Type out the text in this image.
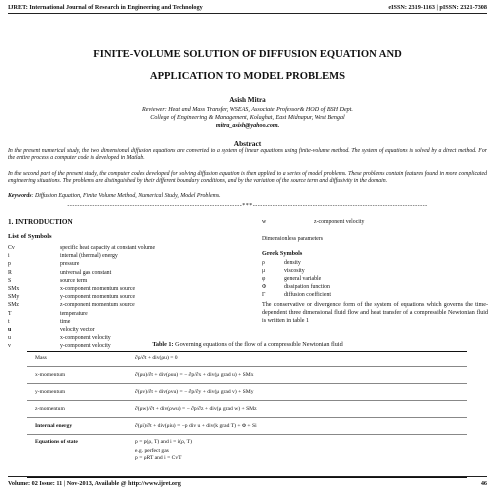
IJRET: International Journal of Research in Engineering and Technology	eISSN: 2319-1163 | pISSN: 2321-7308
FINITE-VOLUME SOLUTION OF DIFFUSION EQUATION AND
APPLICATION TO MODEL PROBLEMS
Asish Mitra
Reviewer: Heat and Mass Transfer, WSEAS, Associate Professor& HOD of BSH Dept.
College of Engineering & Management, Kolaghat, East Midnapur, West Bengal
mitra_asish@yahoo.com.
Abstract
In the present numerical study, the two dimensional diffusion equations are converted to a system of linear equations using finite-volume method. The system of equations is solved by a direct method. For the entire process a computer code is developed in Matlab.
In the second part of the present study, the computer codes developed for solving diffusion equation is then applied to a series of model problems. These problems contain features found in more complicated engineering situations. The problems are distinguished by their different boundary conditions, and by the variation of the source term and diffusivity in the domain.
Keywords: Diffusion Equation, Finite Volume Method, Numerical Study, Model Problems.
----------------------------------------------------------------------***----------------------------------------------------------------------
1. INTRODUCTION
List of Symbols
Cv	specific heat capacity at constant volume
i	internal (thermal) energy
p	pressure
R	universal gas constant
S	source term
SMx	x-component momentum source
SMy	y-component momentum source
SMz	z-component momentum source
T	temperature
t	time
u	velocity vector
u	x-component velocity
v	y-component velocity
w	z-component velocity
Dimensionless parameters
Greek Symbols
ρ	density
μ	viscosity
φ	general variable
Φ	dissipation function
Γ	diffusion coefficient
The conservative or divergence form of the system of equations which governs the time-dependent three dimensional fluid flow and heat transfer of a compressible Newtonian fluid is written in table 1
Table 1: Governing equations of the flow of a compressible Newtonian fluid
Mass	∂ρ/∂t + div(ρu) = 0
x-momentum	∂(ρu)/∂t + div(ρuu) = − ∂p/∂x + div(μ grad u) + SMx
y-momentum	∂(ρv)/∂t + div(ρvu) = − ∂p/∂y + div(μ grad v) + SMy
z-momentum	∂(ρw)/∂t + div(ρwu) = − ∂p/∂z + div(μ grad w) + SMz
Internal energy	∂(ρi)/∂t + div(ρiu) = −p div u + div(k grad T) + Φ + Si
Equations of state	p = p(ρ, T) and i = i(ρ, T)
e.g. perfect gas
p = ρRT and i = CvT
Volume: 02 Issue: 11 | Nov-2013, Available @ http://www.ijret.org	46
